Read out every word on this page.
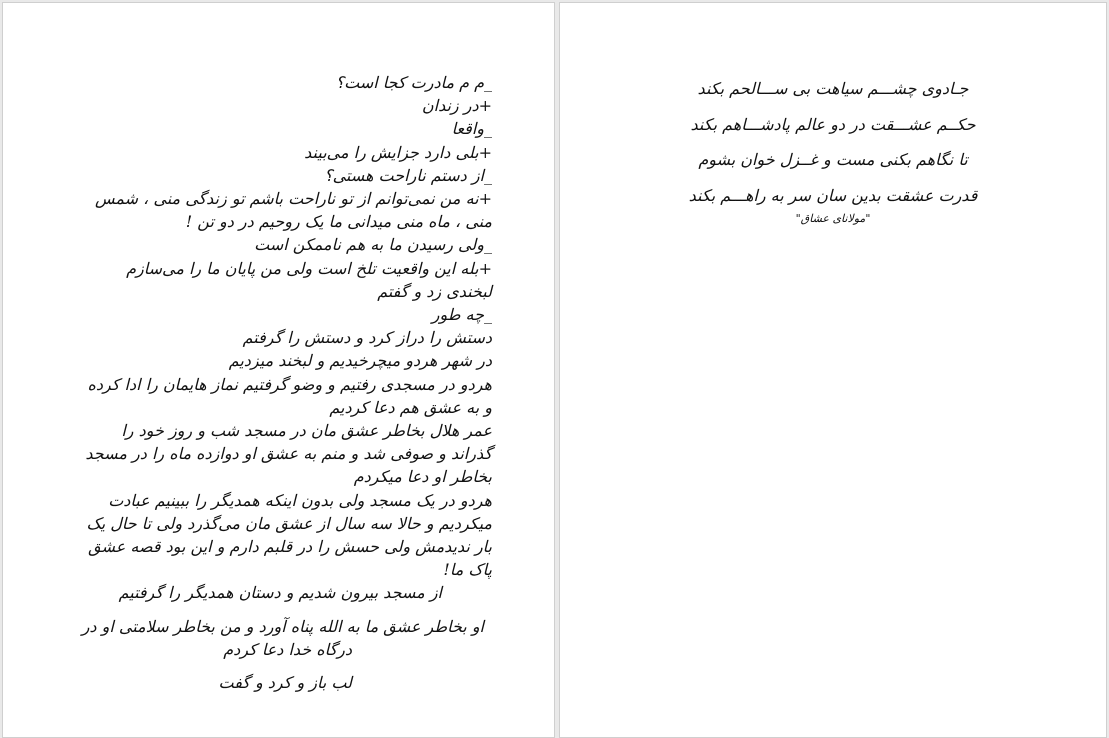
_م م مادرت کجا است؟
+در زندان
_واقعا
+بلی دارد جزایش را می‌بیند
_از دستم ناراحت هستی؟
+نه من نمی‌توانم از تو ناراحت باشم تو زندگی منی ، شمس
منی ، ماه منی میدانی ما یک روحیم در دو تن !
_ولی رسیدن ما به هم ناممکن است
+بله این واقعیت تلخ است ولی من پایان ما را می‌سازم
لبخندی زد و گفتم
_چه طور
دستش را دراز کرد و دستش را گرفتم
در شهر هردو میچرخیدیم و لبخند میزدیم
هردو در مسجدی رفتیم و وضو گرفتیم نماز هایمان را ادا کرده
و به عشق هم دعا کردیم
عمر هلال بخاطر عشق مان در مسجد شب و روز خود را
گذراند و صوفی شد و منم به عشق او دوازده ماه را در مسجد
بخاطر او دعا میکردم
هردو در یک مسجد ولی بدون اینکه همدیگر را ببینیم عبادت
میکردیم و حالا سه سال از عشق مان می‌گذرد ولی تا حال یک
بار ندیدمش ولی حسش را در قلبم دارم و این بود قصه عشق
پاک ما!
از مسجد بیرون شدیم و دستان همدیگر را گرفتیم
او بخاطر عشق ما به الله پناه آورد و من بخاطر سلامتی او در
درگاه خدا دعا کردم
لب باز و کرد و گفت
جـادوی چشـــم سیاهت بی ســـالحم بکند
حکــم عشـــقت در دو عالم پادشـــاهم بکند
تا نگاهم بکنی مست و غــزل خوان بشوم
قدرت عشقت بدین سان سر به راهـــم بکند
"مولانای عشاق"
